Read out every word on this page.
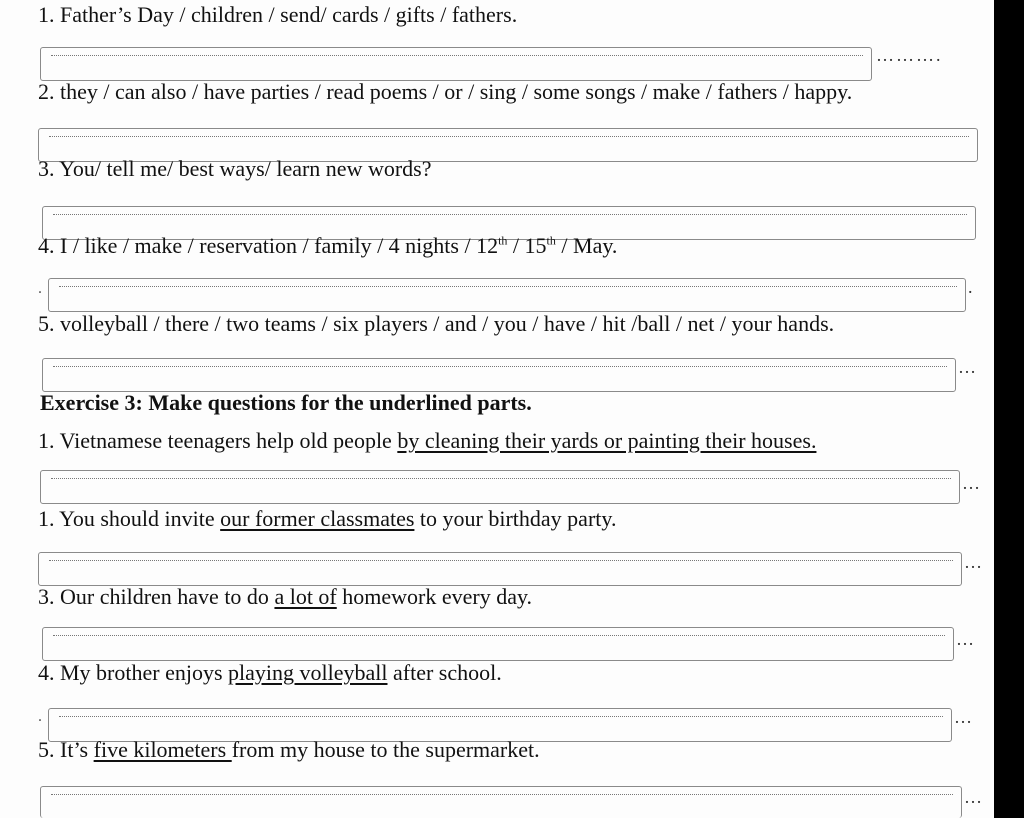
1. Father’s Day / children / send/ cards / gifts / fathers.
……….
2. they / can also / have parties / read poems / or / sing / some songs / make / fathers / happy.
3. You/ tell me/ best ways/ learn new words?
4. I / like / make / reservation / family / 4 nights / 12th / 15th / May.
.	.
5. volleyball / there / two teams / six players / and / you / have / hit /ball / net / your hands.
…
Exercise 3: Make questions for the underlined parts.
1. Vietnamese teenagers help old people by cleaning their yards or painting their houses.
…
1. You should invite our former classmates to your birthday party.
…
3. Our children have to do a lot of homework every day.
…
4. My brother enjoys playing volleyball after school.
.	…
5. It’s five kilometers from my house to the supermarket.
…
